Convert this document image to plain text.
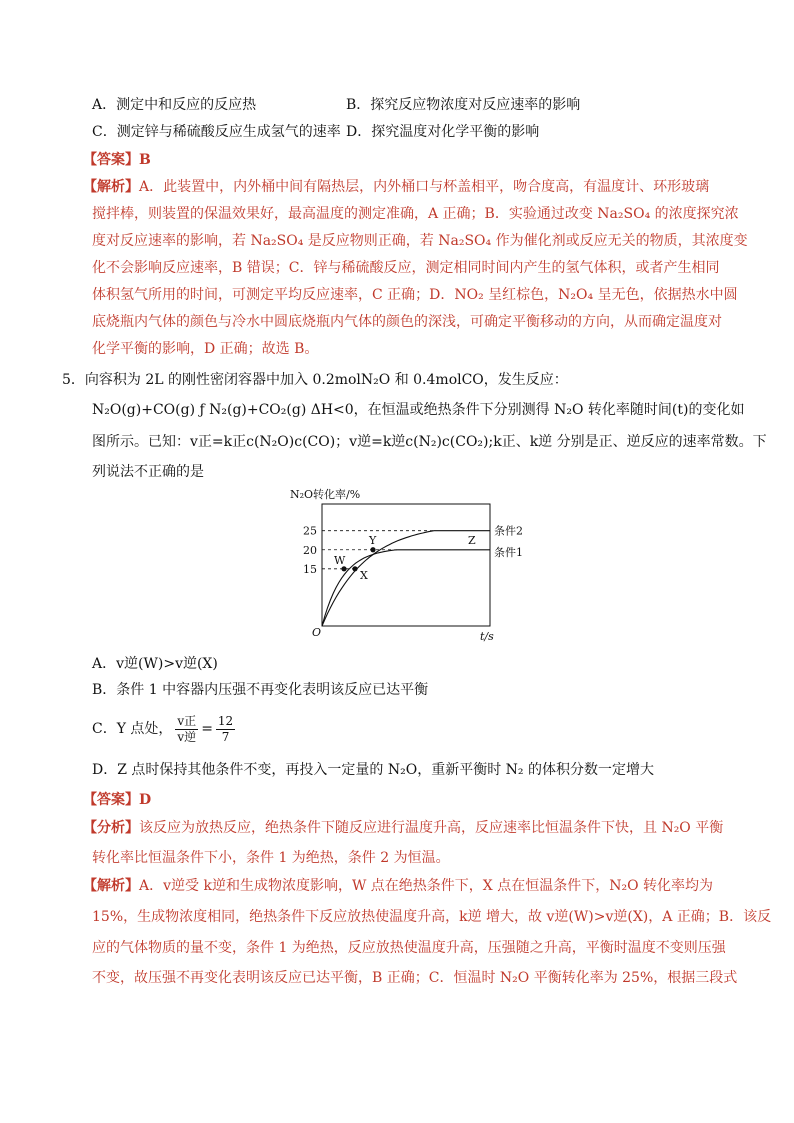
A．测定中和反应的反应热	B．探究反应物浓度对反应速率的影响
C．测定锌与稀硫酸反应生成氢气的速率 D．探究温度对化学平衡的影响
【答案】B
【解析】A．此装置中，内外桶中间有隔热层，内外桶口与杯盖相平，吻合度高，有温度计、环形玻璃
搅拌棒，则装置的保温效果好，最高温度的测定准确，A 正确；B．实验通过改变 Na₂SO₄ 的浓度探究浓
度对反应速率的影响，若 Na₂SO₄ 是反应物则正确，若 Na₂SO₄ 作为催化剂或反应无关的物质，其浓度变
化不会影响反应速率，B 错误；C．锌与稀硫酸反应，测定相同时间内产生的氢气体积，或者产生相同
体积氢气所用的时间，可测定平均反应速率，C 正确；D．NO₂ 呈红棕色，N₂O₄ 呈无色，依据热水中圆
底烧瓶内气体的颜色与冷水中圆底烧瓶内气体的颜色的深浅，可确定平衡移动的方向，从而确定温度对
化学平衡的影响，D 正确；故选 B。
5．向容积为 2L 的刚性密闭容器中加入 0.2molN₂O 和 0.4molCO，发生反应：
N₂O(g)+CO(g) ƒ N₂(g)+CO₂(g) ΔH<0，在恒温或绝热条件下分别测得 N₂O 转化率随时间(t)的变化如
图所示。已知：v正=k正c(N₂O)c(CO)；v逆=k逆c(N₂)c(CO₂);k正、k逆 分别是正、逆反应的速率常数。下
列说法不正确的是
N₂O转化率/%
t/s
O
15
20
25
W
X
Y	Z
条件2
条件1
A．v逆(W)>v逆(X)
B．条件 1 中容器内压强不再变化表明该反应已达平衡
C．Y 点处， $\frac{\text{v正}}{\text{v逆}} = \frac{12}{7}$
D．Z 点时保持其他条件不变，再投入一定量的 N₂O，重新平衡时 N₂ 的体积分数一定增大
【答案】D
【分析】该反应为放热反应，绝热条件下随反应进行温度升高，反应速率比恒温条件下快，且 N₂O 平衡
转化率比恒温条件下小，条件 1 为绝热，条件 2 为恒温。
【解析】A．v逆受 k逆和生成物浓度影响，W 点在绝热条件下，X 点在恒温条件下，N₂O 转化率均为
15%，生成物浓度相同，绝热条件下反应放热使温度升高，k逆 增大，故 v逆(W)>v逆(X)，A 正确；B．该反
应的气体物质的量不变，条件 1 为绝热，反应放热使温度升高，压强随之升高，平衡时温度不变则压强
不变，故压强不再变化表明该反应已达平衡，B 正确；C．恒温时 N₂O 平衡转化率为 25%，根据三段式
